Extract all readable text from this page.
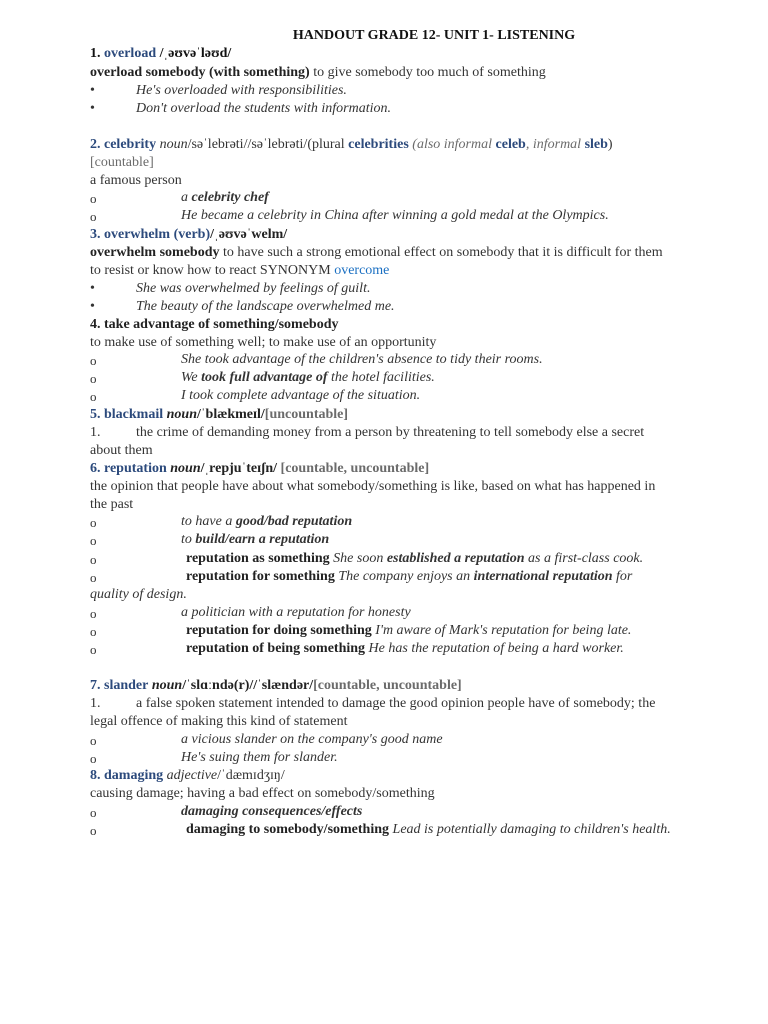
HANDOUT GRADE 12- UNIT 1- LISTENING
1. overload /ˌəʊvəˈləʊd/
overload somebody (with something) to give somebody too much of something
•	He's overloaded with responsibilities.
•	Don't overload the students with information.
2. celebrity noun/səˈlebrəti//səˈlebrəti/(plural celebrities (also informal celeb, informal sleb)
[countable]
a famous person
o	a celebrity chef
o	He became a celebrity in China after winning a gold medal at the Olympics.
3. overwhelm (verb)/ˌəʊvəˈwelm/
overwhelm somebody to have such a strong emotional effect on somebody that it is difficult for them
to resist or know how to react SYNONYM overcome
•	She was overwhelmed by feelings of guilt.
•	The beauty of the landscape overwhelmed me.
4. take advantage of something/somebody
to make use of something well; to make use of an opportunity
o	She took advantage of the children's absence to tidy their rooms.
o	We took full advantage of the hotel facilities.
o	I took complete advantage of the situation.
5. blackmail noun/ˈblækmeɪl/[uncountable]
1.	the crime of demanding money from a person by threatening to tell somebody else a secret
about them
6. reputation noun/ˌrepjuˈteɪʃn/ [countable, uncountable]
the opinion that people have about what somebody/something is like, based on what has happened in
the past
o	to have a good/bad reputation
o	to build/earn a reputation
o	reputation as something She soon established a reputation as a first-class cook.
o	reputation for something The company enjoys an international reputation for
quality of design.
o	a politician with a reputation for honesty
o	reputation for doing something I'm aware of Mark's reputation for being late.
o	reputation of being something He has the reputation of being a hard worker.
7. slander noun/ˈslɑːndə(r)//ˈslændər/[countable, uncountable]
1.	a false spoken statement intended to damage the good opinion people have of somebody; the
legal offence of making this kind of statement
o	a vicious slander on the company's good name
o	He's suing them for slander.
8. damaging adjective/ˈdæmɪdʒɪŋ/
causing damage; having a bad effect on somebody/something
o	damaging consequences/effects
o	damaging to somebody/something Lead is potentially damaging to children's health.
